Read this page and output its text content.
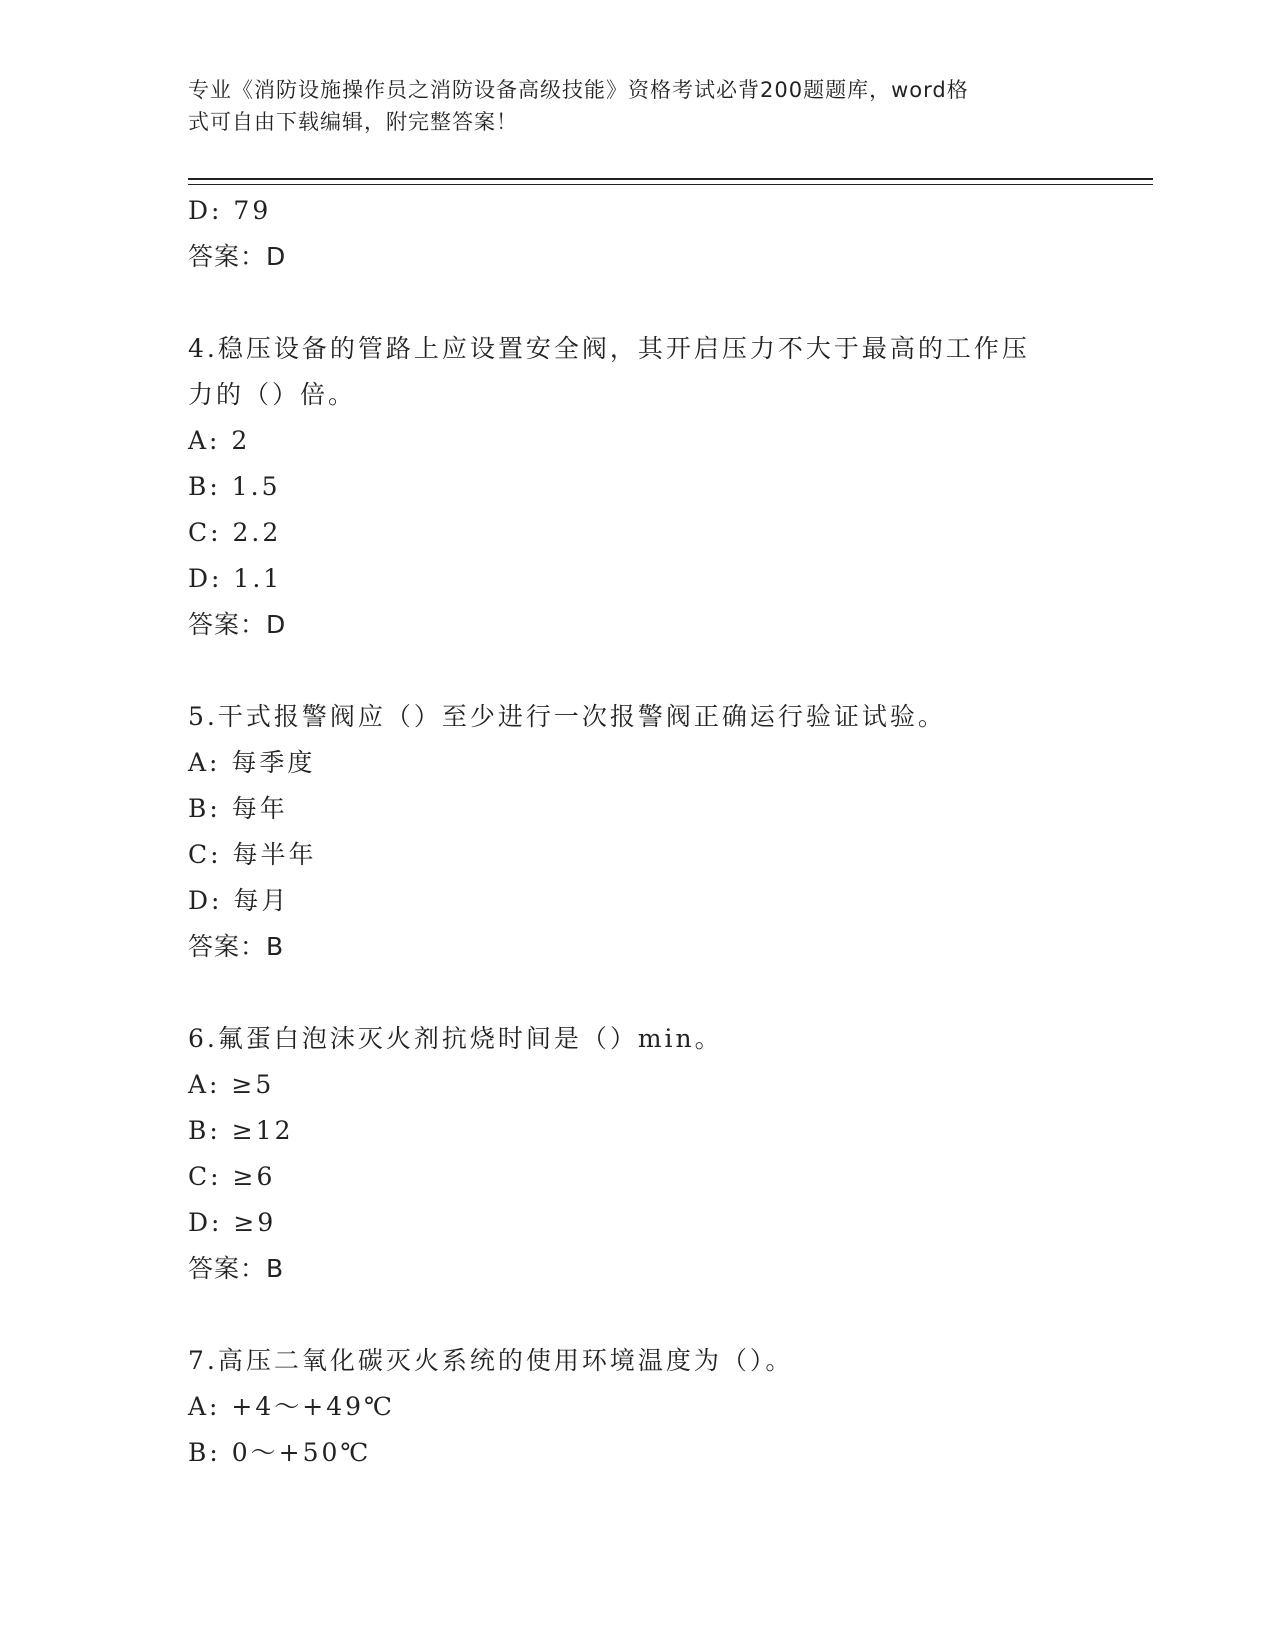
专业《消防设施操作员之消防设备高级技能》资格考试必背200题题库，word格
式可自由下载编辑，附完整答案！
D: 79
答案：D
4.稳压设备的管路上应设置安全阀，其开启压力不大于最高的工作压
力的（）倍。
A: 2
B: 1.5
C: 2.2
D: 1.1
答案：D
5.干式报警阀应（）至少进行一次报警阀正确运行验证试验。
A: 每季度
B: 每年
C: 每半年
D: 每月
答案：B
6.氟蛋白泡沫灭火剂抗烧时间是（）min。
A: ≥5
B: ≥12
C: ≥6
D: ≥9
答案：B
7.高压二氧化碳灭火系统的使用环境温度为（）。
A: +4～+49℃
B: 0～+50℃
